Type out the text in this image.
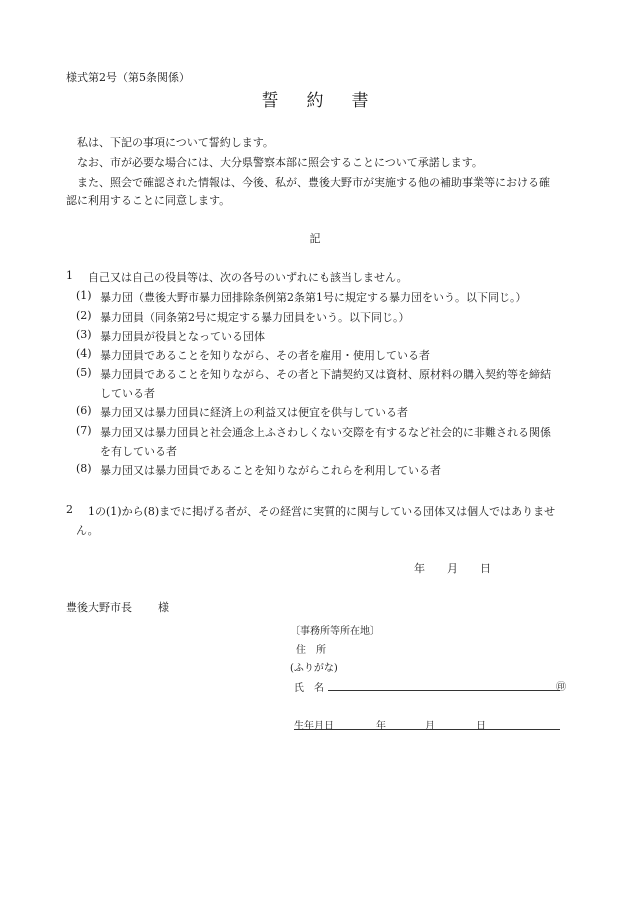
様式第2号（第5条関係）
誓 約 書
　私は、下記の事項について誓約します。
　なお、市が必要な場合には、大分県警察本部に照会することについて承諾します。
　また、照会で確認された情報は、今後、私が、豊後大野市が実施する他の補助事業等における確
認に利用することに同意します。
記
1 自己又は自己の役員等は、次の各号のいずれにも該当しません。
(1) 暴力団（豊後大野市暴力団排除条例第2条第1号に規定する暴力団をいう。以下同じ。）
(2) 暴力団員（同条第2号に規定する暴力団員をいう。以下同じ。）
(3) 暴力団員が役員となっている団体
(4) 暴力団員であることを知りながら、その者を雇用・使用している者
(5) 暴力団員であることを知りながら、その者と下請契約又は資材、原材料の購入契約等を締結
している者
(6) 暴力団又は暴力団員に経済上の利益又は便宜を供与している者
(7) 暴力団又は暴力団員と社会通念上ふさわしくない交際を有するなど社会的に非難される関係
を有している者
(8) 暴力団又は暴力団員であることを知りながらこれらを利用している者
2 1の(1)から(8)までに掲げる者が、その経営に実質的に関与している団体又は個人ではありませ
ん。
年 月 日
豊後大野市長 様
〔事務所等所在地〕
住　所
(ふりがな)
氏　名	㊞
生年月日	年	月	日
